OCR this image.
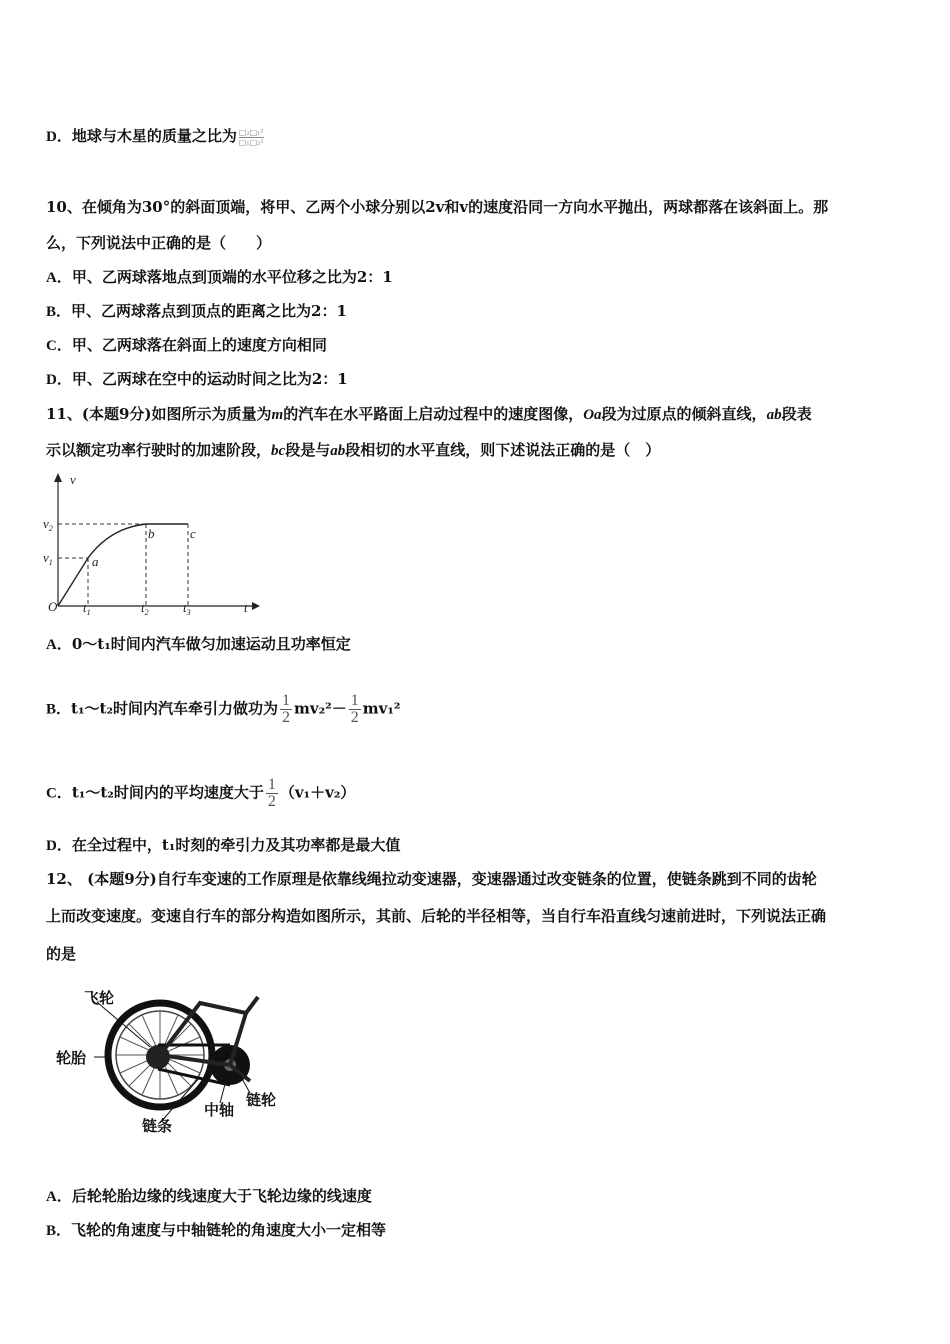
D．地球与木星的质量之比为 $\frac{\text{□₂□₁²}}{\text{□₁□₂²}}$
10、在倾角为30°的斜面顶端，将甲、乙两个小球分别以2v和v的速度沿同一方向水平抛出，两球都落在该斜面上。那
么，下列说法中正确的是（　　）
A．甲、乙两球落地点到顶端的水平位移之比为2：1
B．甲、乙两球落点到顶点的距离之比为2：1
C．甲、乙两球落在斜面上的速度方向相同
D．甲、乙两球在空中的运动时间之比为2：1
11、(本题9分)如图所示为质量为m的汽车在水平路面上启动过程中的速度图像，Oa段为过原点的倾斜直线，ab段表
示以额定功率行驶时的加速阶段，bc段是与ab段相切的水平直线，则下述说法正确的是（　）
v
t
O
$v_2$
$v_1$
$t_1$	$t_2$	$t_3$
a
b	c
A．0～t₁时间内汽车做匀加速运动且功率恒定
B．t₁～t₂时间内汽车牵引力做功为 $\frac{1}{2} mv_2^2- \frac{1}{2} mv_1^2$
C．t₁～t₂时间内的平均速度大于 $\frac{1}{2} (v_1+v_2)$
D．在全过程中，t₁时刻的牵引力及其功率都是最大值
12、 (本题9分)自行车变速的工作原理是依靠线绳拉动变速器，变速器通过改变链条的位置，使链条跳到不同的齿轮
上而改变速度。变速自行车的部分构造如图所示，其前、后轮的半径相等，当自行车沿直线匀速前进时，下列说法正确
的是
飞轮
轮胎
链条
中轴
链轮
A．后轮轮胎边缘的线速度大于飞轮边缘的线速度
B．飞轮的角速度与中轴链轮的角速度大小一定相等
